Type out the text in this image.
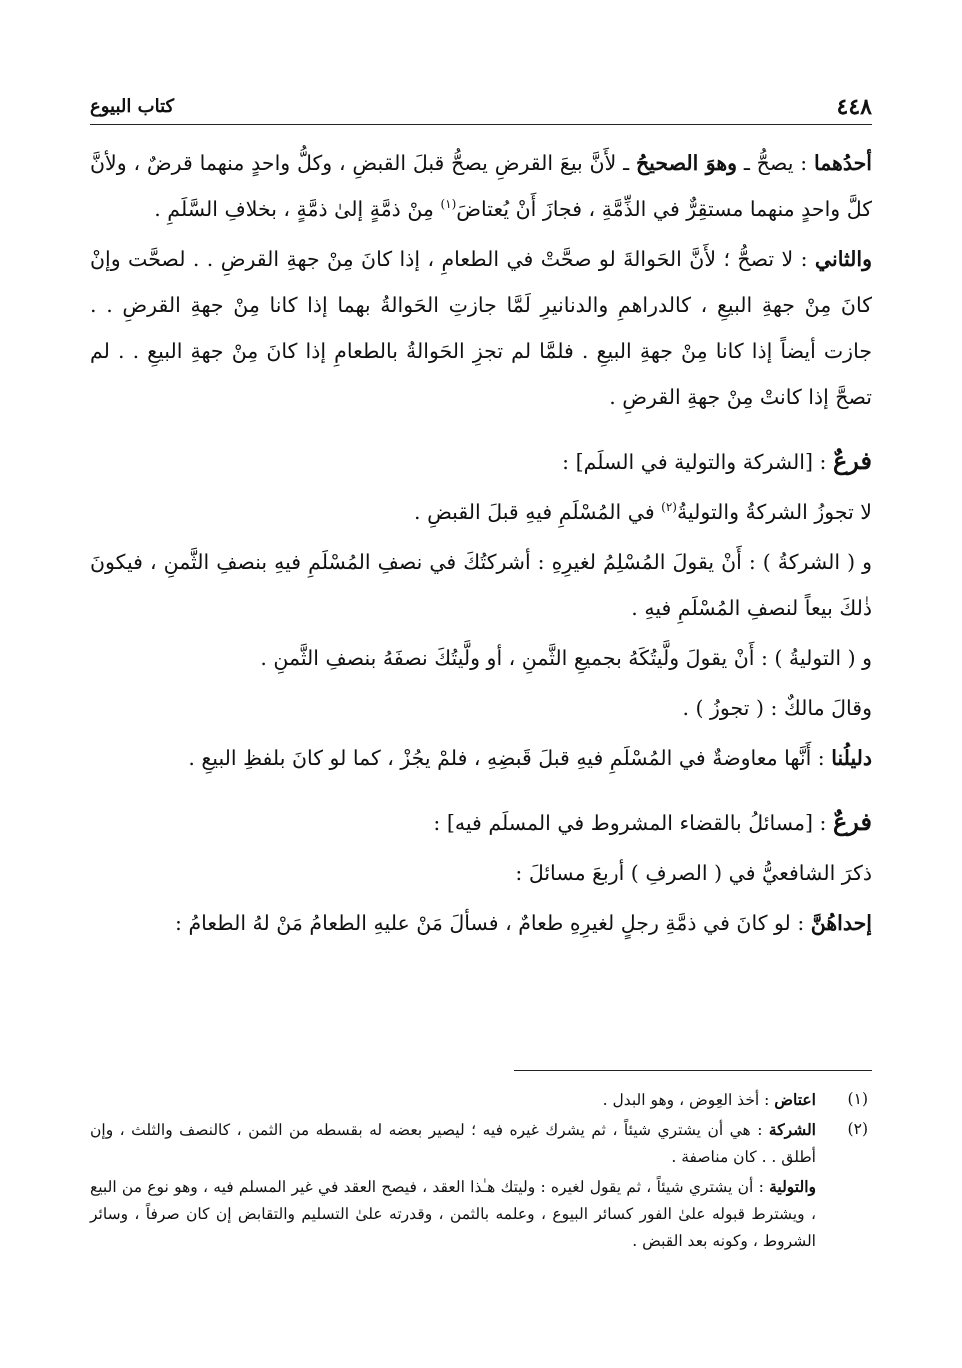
٤٤٨
كتاب البيوع

أحدُهما : يصحُّ ـ وهوَ الصحيحُ ـ لأَنَّ بيعَ القرضِ يصحُّ قبلَ القبضِ ، وكلُّ واحدٍ منهما قرضٌ ، ولأنَّ كلَّ واحدٍ منهما مستقِرٌّ في الذِّمَّةِ ، فجازَ أَنْ يُعتاضَ$^{(١)}$ مِنْ ذمَّةٍ إلىٰ ذمَّةٍ ، بخلافِ السَّلَمِ .

والثاني : لا تصحُّ ؛ لأَنَّ الحَوالةَ لو صحَّتْ في الطعامِ ، إذا كانَ مِنْ جهةِ القرضِ . . لصحَّت وإنْ كانَ مِنْ جهةِ البيعِ ، كالدراهمِ والدنانيرِ لَمَّا جازتِ الحَوالةُ بهما إذا كانا مِنْ جهةِ القرضِ . . جازت أيضاً إذا كانا مِنْ جهةِ البيعِ . فلمَّا لم تجزِ الحَوالةُ بالطعامِ إذا كانَ مِنْ جهةِ البيعِ . . لم تصحَّ إذا كانتْ مِنْ جهةِ القرضِ .

فرعٌ : [الشركة والتولية في السلَم] :

لا تجوزُ الشركةُ والتوليةُ$^{(٢)}$ في المُسْلَمِ فيهِ قبلَ القبضِ .

و ( الشركةُ ) : أَنْ يقولَ المُسْلِمُ لغيرِهِ : أشركتُكَ في نصفِ المُسْلَمِ فيهِ بنصفِ الثَّمنِ ، فيكونَ ذٰلكَ بيعاً لنصفِ المُسْلَمِ فيهِ .

و ( التوليةُ ) : أَنْ يقولَ ولَّيتُكَهُ بجميعِ الثَّمنِ ، أو ولَّيتُكَ نصفَهُ بنصفِ الثَّمنِ .

وقالَ مالكٌ : ( تجوزُ ) .

دليلُنا : أَنَّها معاوضةٌ في المُسْلَمِ فيهِ قبلَ قَبضِهِ ، فلمْ يجُزْ ، كما لو كانَ بلفظِ البيعِ .

فرعٌ : [مسائلُ بالقضاء المشروط في المسلَم فيه] :

ذكرَ الشافعيُّ في ( الصرفِ ) أربعَ مسائلَ :

إحداهُنَّ : لو كانَ في ذمَّةِ رجلٍ لغيرِهِ طعامٌ ، فسألَ مَنْ عليهِ الطعامُ مَنْ لهُ الطعامُ :

(١)
اعتاض : أخذ العِوض ، وهو البدل .

(٢)
الشركة : هي أن يشتري شيئاً ، ثم يشرك غيره فيه ؛ ليصير بعضه له بقسطه من الثمن ، كالنصف والثلث ، وإن أطلق . . كان مناصفة .

والتولية : أن يشتري شيئاً ، ثم يقول لغيره : وليتك هـٰذا العقد ، فيصح العقد في غير المسلم فيه ، وهو نوع من البيع ، ويشترط قبوله علىٰ الفور كسائر البيوع ، وعلمه بالثمن ، وقدرته علىٰ التسليم والتقابض إن كان صرفاً ، وسائر الشروط ، وكونه بعد القبض .
